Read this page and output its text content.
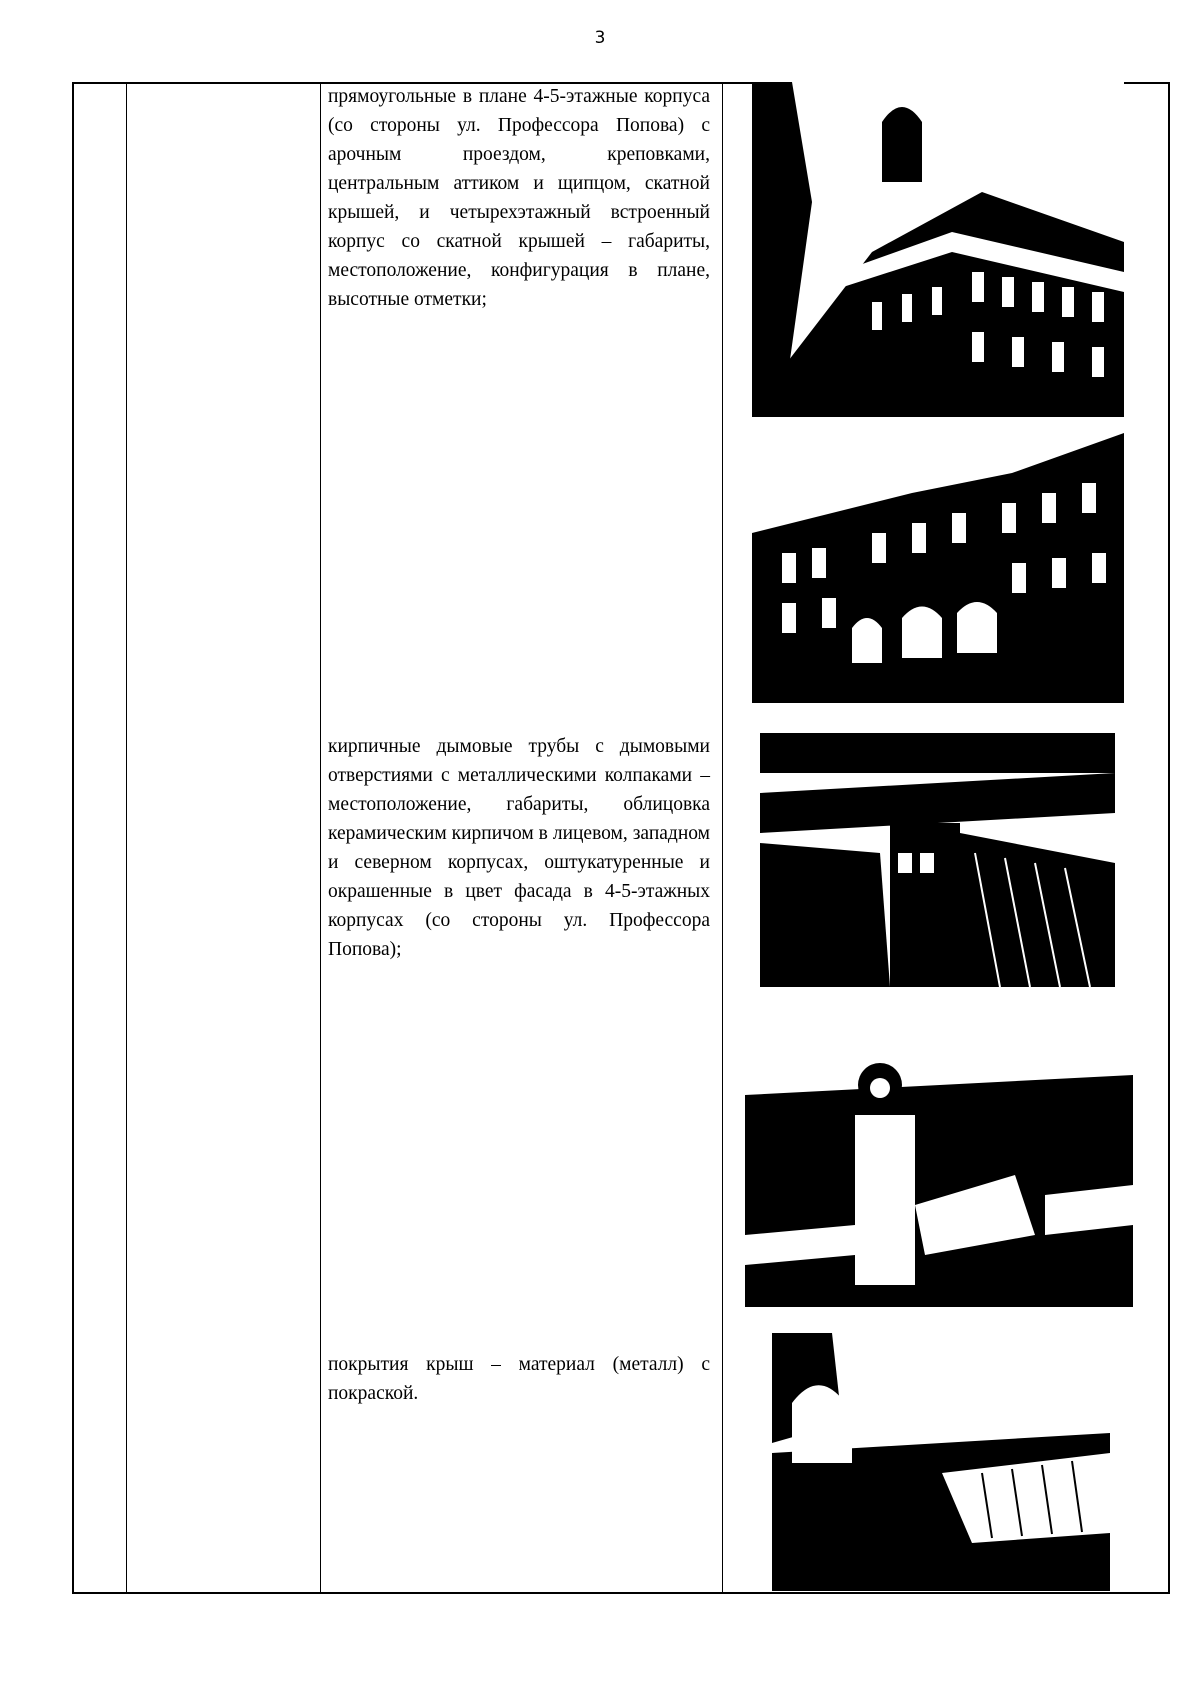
3
прямоугольные в плане 4-5-этажные корпуса (со стороны ул. Профессора Попова) с арочным проездом, креповками, центральным аттиком и щипцом, скатной крышей, и четырехэтажный встроенный корпус со скатной крышей – габариты, местоположение, конфигурация в плане, высотные отметки;
кирпичные дымовые трубы с дымовыми отверстиями с металлическими колпаками – местоположение, габариты, облицовка керамическим кирпичом в лицевом, западном и северном корпусах, оштукатуренные и окрашенные в цвет фасада в 4-5-этажных корпусах (со стороны ул. Профессора Попова);
покрытия крыш – материал (металл) с покраской.
